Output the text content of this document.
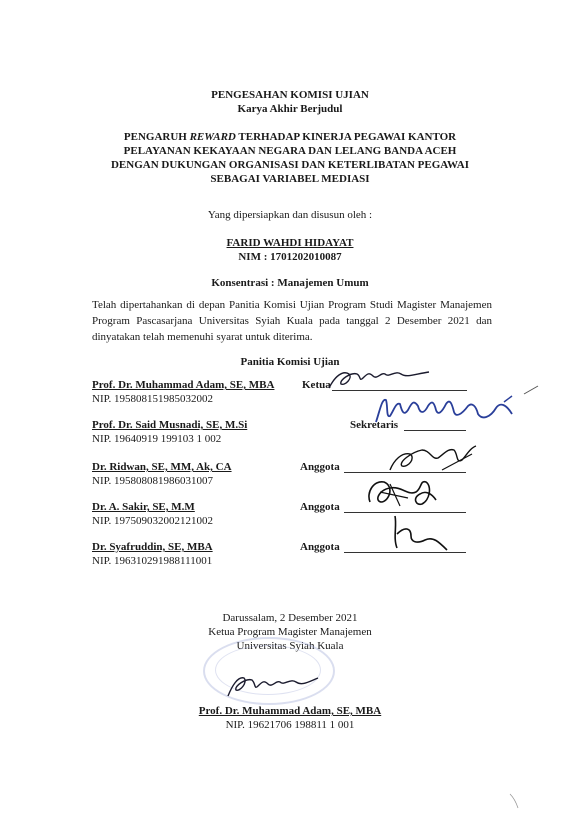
PENGESAHAN KOMISI UJIAN
Karya Akhir Berjudul
PENGARUH REWARD TERHADAP KINERJA PEGAWAI KANTOR
PELAYANAN KEKAYAAN NEGARA DAN LELANG BANDA ACEH
DENGAN DUKUNGAN ORGANISASI DAN KETERLIBATAN PEGAWAI
SEBAGAI VARIABEL MEDIASI
Yang dipersiapkan dan disusun oleh :
FARID WAHDI HIDAYAT
NIM : 1701202010087
Konsentrasi : Manajemen Umum
Telah dipertahankan di depan Panitia Komisi Ujian Program Studi Magister Manajemen Program Pascasarjana Universitas Syiah Kuala pada tanggal 2 Desember 2021 dan dinyatakan telah memenuhi syarat untuk diterima.
Panitia Komisi Ujian
Prof. Dr. Muhammad Adam, SE, MBA	Ketua
NIP. 195808151985032002
Prof. Dr. Said Musnadi, SE, M.Si	Sekretaris
NIP. 19640919 199103 1 002
Dr. Ridwan, SE, MM, Ak, CA	Anggota
NIP. 195808081986031007
Dr. A. Sakir, SE, M.M	Anggota
NIP. 197509032002121002
Dr. Syafruddin, SE, MBA	Anggota
NIP. 196310291988111001
Darussalam, 2 Desember 2021
Ketua Program Magister Manajemen
Universitas Syiah Kuala
Prof. Dr. Muhammad Adam, SE, MBA
NIP. 19621706 198811 1 001
